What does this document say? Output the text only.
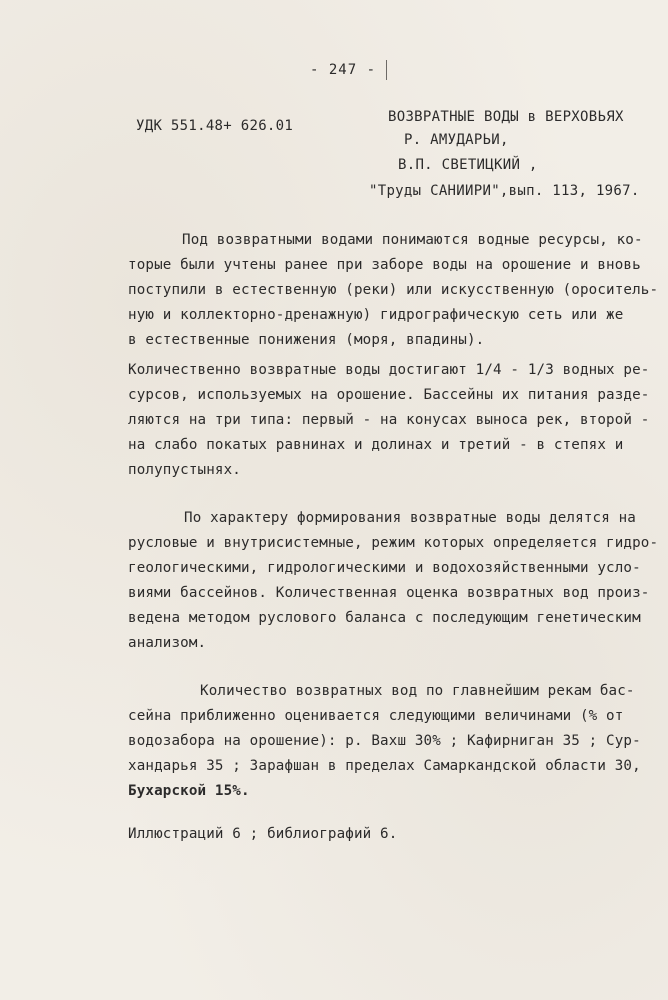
- 247 -
УДК 551.48+ 626.01
ВОЗВРАТНЫЕ ВОДЫ в ВЕРХОВЬЯХ
Р. АМУДАРЬИ,
В.П. СВЕТИЦКИЙ ,
"Труды САНИИРИ",вып. 113, 1967.
Под возвратными водами понимаются водные ресурсы, ко-
торые были учтены ранее при заборе воды на орошение и вновь
поступили в естественную (реки) или искусственную (ороситель-
ную и коллекторно-дренажную) гидрографическую сеть или же
в естественные понижения (моря, впадины).
Количественно возвратные воды достигают 1/4 - 1/3 водных ре-
сурсов, используемых на орошение. Бассейны их питания разде-
ляются на три типа: первый - на конусах выноса рек, второй -
на слабо покатых равнинах и долинах и третий - в степях и
полупустынях.
По характеру формирования возвратные воды делятся на
русловые и внутрисистемные, режим которых определяется гидро-
геологическими, гидрологическими и водохозяйственными усло-
виями бассейнов. Количественная оценка возвратных вод произ-
ведена методом руслового баланса с последующим генетическим
анализом.
Количество возвратных вод по главнейшим рекам бас-
сейна приближенно оценивается следующими величинами (% от
водозабора на орошение): р. Вахш 30% ; Кафирниган 35 ; Сур-
хандарья 35 ; Зарафшан в пределах Самаркандской области 30,
Бухарской 15%.
Иллюстраций 6 ; библиографий 6.
